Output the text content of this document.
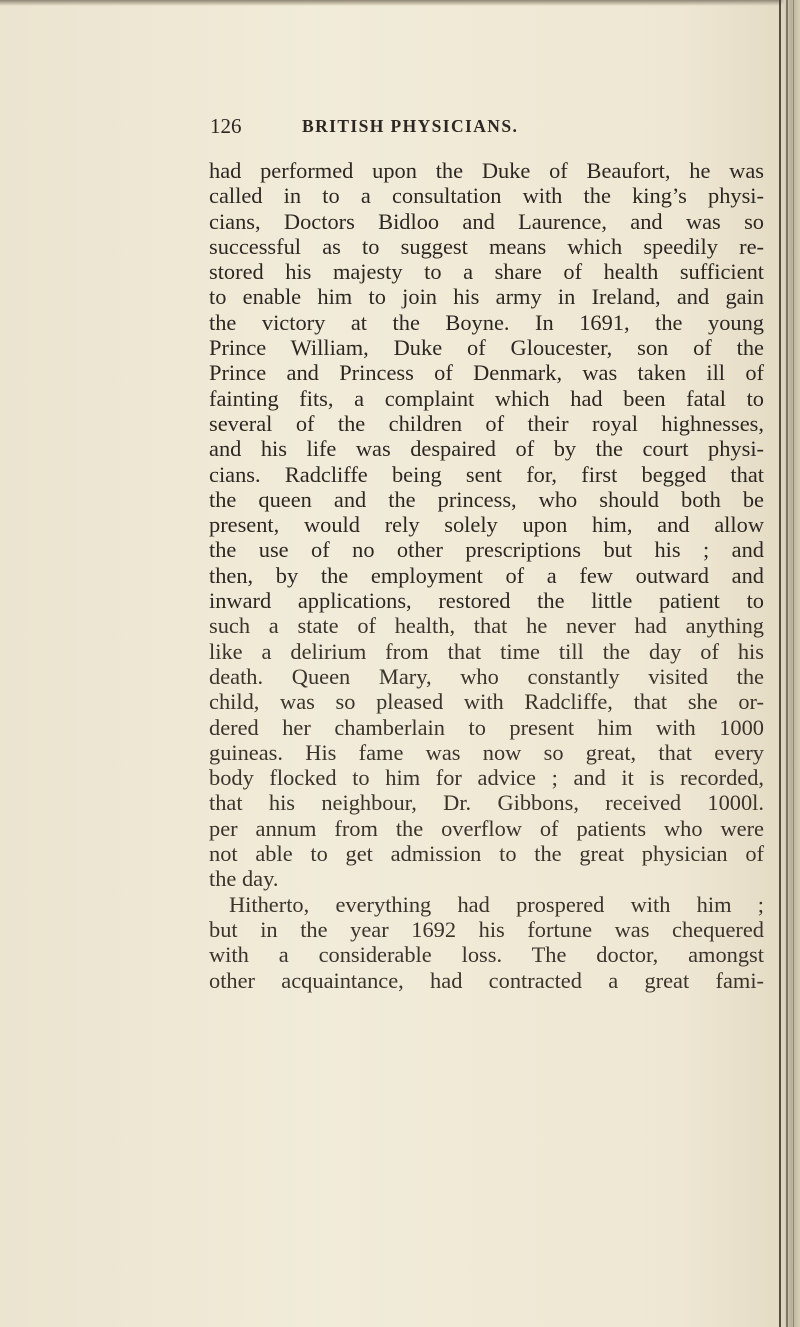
126	BRITISH PHYSICIANS.
had performed upon the Duke of Beaufort, he was
called in to a consultation with the king’s physi-
cians, Doctors Bidloo and Laurence, and was so
successful as to suggest means which speedily re-
stored his majesty to a share of health sufficient
to enable him to join his army in Ireland, and gain
the victory at the Boyne. In 1691, the young
Prince William, Duke of Gloucester, son of the
Prince and Princess of Denmark, was taken ill of
fainting fits, a complaint which had been fatal to
several of the children of their royal highnesses,
and his life was despaired of by the court physi-
cians. Radcliffe being sent for, first begged that
the queen and the princess, who should both be
present, would rely solely upon him, and allow
the use of no other prescriptions but his ; and
then, by the employment of a few outward and
inward applications, restored the little patient to
such a state of health, that he never had anything
like a delirium from that time till the day of his
death. Queen Mary, who constantly visited the
child, was so pleased with Radcliffe, that she or-
dered her chamberlain to present him with 1000
guineas. His fame was now so great, that every
body flocked to him for advice ; and it is recorded,
that his neighbour, Dr. Gibbons, received 1000l.
per annum from the overflow of patients who were
not able to get admission to the great physician of
the day.
Hitherto, everything had prospered with him ;
but in the year 1692 his fortune was chequered
with a considerable loss. The doctor, amongst
other acquaintance, had contracted a great fami-
